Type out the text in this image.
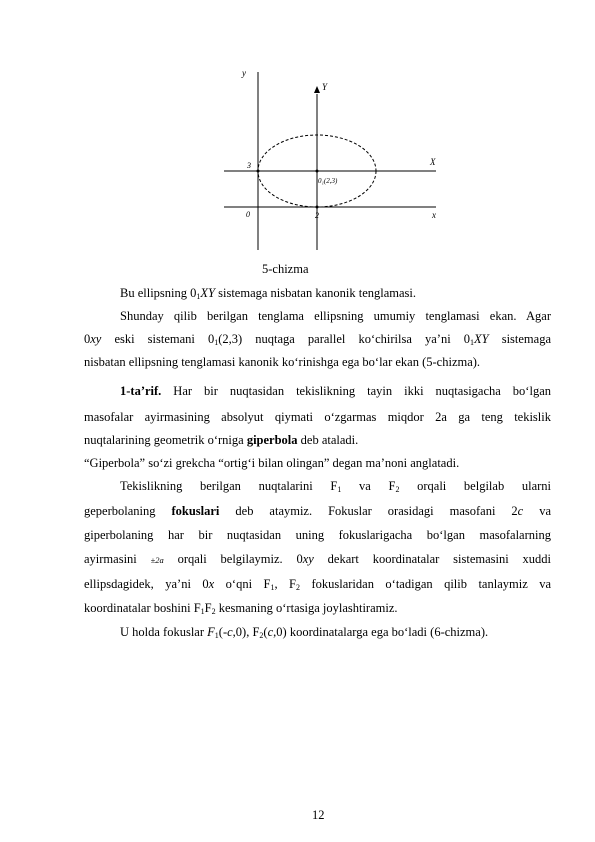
y
Y
X
x
3
2
0
0₁(2,3)
5-chizma
Bu ellipsning $0_1XY$ sistemaga nisbatan kanonik tenglamasi.
Shunday qilib berilgan tenglama ellipsning umumiy tenglamasi ekan. Agar
0xy eski sistemani $0_1(2,3)$ nuqtaga parallel ko‘chirilsa ya’ni $0_1XY$ sistemaga
nisbatan ellipsning tenglamasi kanonik ko‘rinishga ega bo‘lar ekan (5-chizma).
1-ta’rif. Har bir nuqtasidan tekislikning tayin ikki nuqtasigacha bo‘lgan
masofalar ayirmasining absolyut qiymati o‘zgarmas miqdor 2a ga teng tekislik
nuqtalarining geometrik o‘rniga giperbola deb ataladi.
“Giperbola” so‘zi grekcha “ortig‘i bilan olingan” degan ma’noni anglatadi.
Tekislikning berilgan nuqtalarini $F_1$ va $F_2$ orqali belgilab ularni
geperbolaning fokuslari deb ataymiz. Fokuslar orasidagi masofani 2c va
giperbolaning har bir nuqtasidan uning fokuslarigacha bo‘lgan masofalarning
ayirmasini ±2a orqali belgilaymiz. 0xy dekart koordinatalar sistemasini xuddi
ellipsdagidek, ya’ni 0x o‘qni $F_1$, $F_2$ fokuslaridan o‘tadigan qilib tanlaymiz va
koordinatalar boshini $F_1F_2$ kesmaning o‘rtasiga joylashtiramiz.
U holda fokuslar $F_1(-c,0)$, $F_2(c,0)$ koordinatalarga ega bo‘ladi (6-chizma).
12
